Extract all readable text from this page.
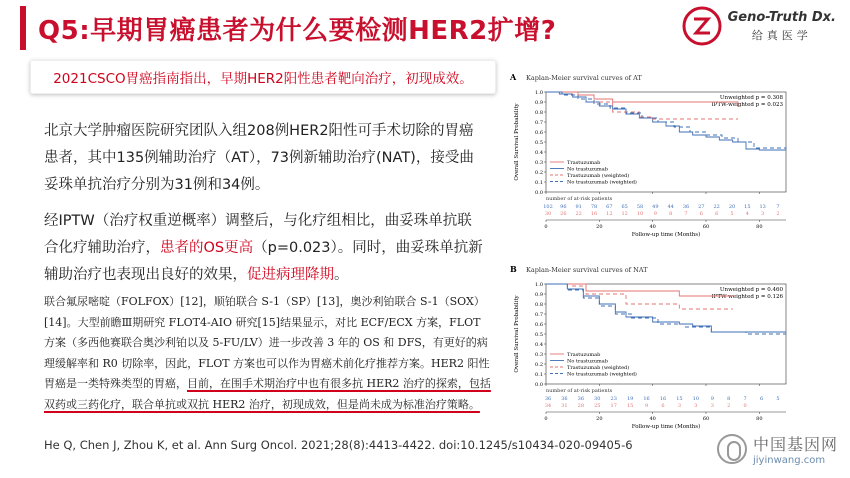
Q5:早期胃癌患者为什么要检测HER2扩增?	Geno-Truth Dx.
给真医学
2021CSCO胃癌指南指出，早期HER2阳性患者靶向治疗，初现成效。
北京大学肿瘤医院研究团队入组208例HER2阳性可手术切除的胃癌患者，其中135例辅助治疗（AT），73例新辅助治疗(NAT)，接受曲妥珠单抗治疗分别为31例和34例。
经IPTW（治疗权重逆概率）调整后，与化疗组相比，曲妥珠单抗联合化疗辅助治疗，患者的OS更高（p=0.023）。同时，曲妥珠单抗新辅助治疗也表现出良好的效果，促进病理降期。
联合氟尿嘧啶（FOLFOX）[12]，顺铂联合 S-1（SP）[13]，奥沙利铂联合 S-1（SOX）[14]。大型前瞻Ⅲ期研究 FLOT4-AIO 研究[15]结果显示，对比 ECF/ECX 方案，FLOT 方案（多西他赛联合奥沙利铂以及 5-FU/LV）进一步改善 3 年的 OS 和 DFS，有更好的病理缓解率和 R0 切除率，因此，FLOT 方案也可以作为胃癌术前化疗推荐方案。HER2 阳性胃癌是一类特殊类型的胃癌，目前，在围手术期治疗中也有很多抗 HER2 治疗的探索，包括双药或三药化疗，联合单抗或双抗 HER2 治疗，初现成效，但是尚未成为标准治疗策略。
He Q, Chen J, Zhou K, et al. Ann Surg Oncol. 2021;28(8):4413-4422. doi:10.1245/s10434-020-09405-6
A Kaplan-Meier survival curves of AT
Unweighted p = 0.308
IPTW-weighted p = 0.023
0.0
0.1
0.2
0.3
0.4
0.5
0.6
0.7
0.8
0.9
1.0
Overall Survival Probability	Trastuzumab
No trastuzumab
Trastuzumab (weighted)
No trastuzumab (weighted)
number of at-risk patients
102 96 91 78 67 65 58 49 44 36 27 22 20 15 13 7
30 26 22 16 12 12 10 9 8 7 6 6 5 4 3 2
0	20	40	60	80
Follow-up time (Months)
B Kaplan-Meier survival curves of NAT
Unweighted p = 0.460
IPTW-weighted p = 0.126
0.0
0.1
0.2
0.3
0.4
0.5
0.6
0.7
0.8
0.9
1.0
Overall Survival Probability	Trastuzumab
No trastuzumab
Trastuzumab (weighted)
No trastuzumab (weighted)
number of at-risk patients
36 36 36 30 23 19 16 16 15 10 9	8	7	6	5
34 31 28 25 17 15 9	6	3	3	3	2	0
0	20	40	60	80
Follow-up time (Months)
中国基因网
jiyinwang.com
